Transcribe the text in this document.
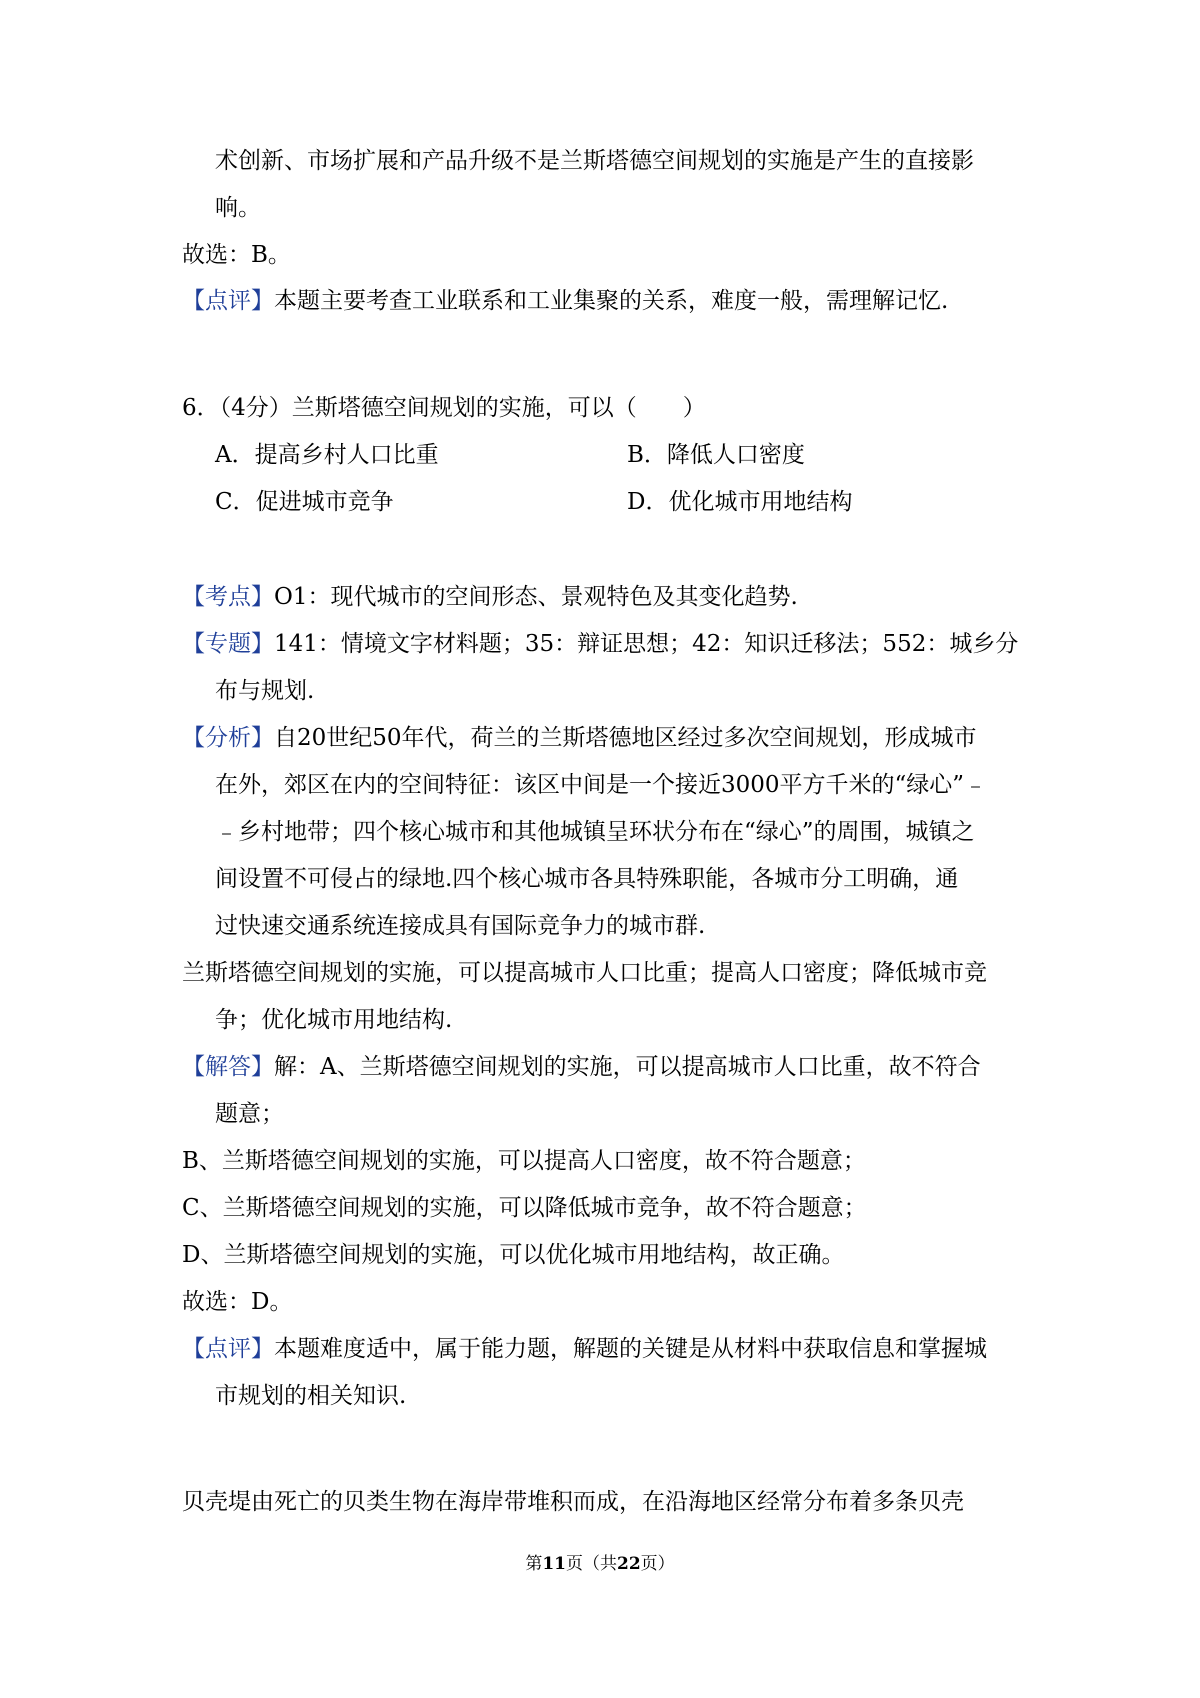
术创新、市场扩展和产品升级不是兰斯塔德空间规划的实施是产生的直接影
响。
故选：B。
【点评】本题主要考查工业联系和工业集聚的关系，难度一般，需理解记忆.
6．（4分）兰斯塔德空间规划的实施，可以（　　）
A．提高乡村人口比重	B．降低人口密度
C．促进城市竞争	D．优化城市用地结构
【考点】O1：现代城市的空间形态、景观特色及其变化趋势.
【专题】141：情境文字材料题；35：辩证思想；42：知识迁移法；552：城乡分
布与规划.
【分析】自20世纪50年代，荷兰的兰斯塔德地区经过多次空间规划，形成城市
在外，郊区在内的空间特征：该区中间是一个接近3000平方千米的“绿心”﹣
﹣乡村地带；四个核心城市和其他城镇呈环状分布在“绿心”的周围，城镇之
间设置不可侵占的绿地.四个核心城市各具特殊职能，各城市分工明确，通
过快速交通系统连接成具有国际竞争力的城市群.
兰斯塔德空间规划的实施，可以提高城市人口比重；提高人口密度；降低城市竞
争；优化城市用地结构.
【解答】解：A、兰斯塔德空间规划的实施，可以提高城市人口比重，故不符合
题意；
B、兰斯塔德空间规划的实施，可以提高人口密度，故不符合题意；
C、兰斯塔德空间规划的实施，可以降低城市竞争，故不符合题意；
D、兰斯塔德空间规划的实施，可以优化城市用地结构，故正确。
故选：D。
【点评】本题难度适中，属于能力题，解题的关键是从材料中获取信息和掌握城
市规划的相关知识.
贝壳堤由死亡的贝类生物在海岸带堆积而成，在沿海地区经常分布着多条贝壳
第11页（共22页）
